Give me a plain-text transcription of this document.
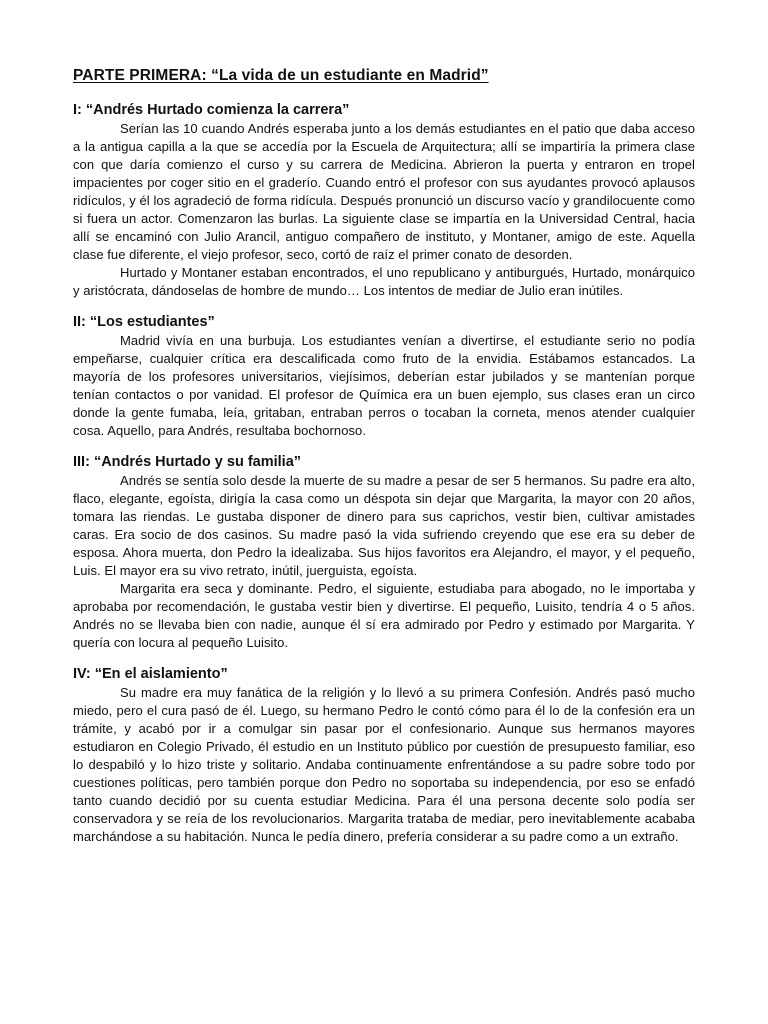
PARTE PRIMERA: “La vida de un estudiante en Madrid”
I: “Andrés Hurtado comienza la carrera”

Serían las 10 cuando Andrés esperaba junto a los demás estudiantes en el patio que daba acceso a la antigua capilla a la que se accedía por la Escuela de Arquitectura; allí se impartiría la primera clase con que daría comienzo el curso y su carrera de Medicina. Abrieron la puerta y entraron en tropel impacientes por coger sitio en el graderío. Cuando entró el profesor con sus ayudantes provocó aplausos ridículos, y él los agradeció de forma ridícula. Después pronunció un discurso vacío y grandilocuente como si fuera un actor. Comenzaron las burlas. La siguiente clase se impartía en la Universidad Central, hacia allí se encaminó con Julio Arancil, antiguo compañero de instituto, y Montaner, amigo de este. Aquella clase fue diferente, el viejo profesor, seco, cortó de raíz el primer conato de desorden.

Hurtado y Montaner estaban encontrados, el uno republicano y antiburgués, Hurtado, monárquico y aristócrata, dándoselas de hombre de mundo… Los intentos de mediar de Julio eran inútiles.

II: “Los estudiantes”

Madrid vivía en una burbuja. Los estudiantes venían a divertirse, el estudiante serio no podía empeñarse, cualquier crítica era descalificada como fruto de la envidia. Estábamos estancados. La mayoría de los profesores universitarios, viejísimos, deberían estar jubilados y se mantenían porque tenían contactos o por vanidad. El profesor de Química era un buen ejemplo, sus clases eran un circo donde la gente fumaba, leía, gritaban, entraban perros o tocaban la corneta, menos atender cualquier cosa. Aquello, para Andrés, resultaba bochornoso.

III: “Andrés Hurtado y su familia”

Andrés se sentía solo desde la muerte de su madre a pesar de ser 5 hermanos. Su padre era alto, flaco, elegante, egoísta, dirigía la casa como un déspota sin dejar que Margarita, la mayor con 20 años, tomara las riendas. Le gustaba disponer de dinero para sus caprichos, vestir bien, cultivar amistades caras. Era socio de dos casinos. Su madre pasó la vida sufriendo creyendo que ese era su deber de esposa. Ahora muerta, don Pedro la idealizaba. Sus hijos favoritos era Alejandro, el mayor, y el pequeño, Luis. El mayor era su vivo retrato, inútil, juerguista, egoísta.

Margarita era seca y dominante. Pedro, el siguiente, estudiaba para abogado, no le importaba y aprobaba por recomendación, le gustaba vestir bien y divertirse. El pequeño, Luisito, tendría 4 o 5 años. Andrés no se llevaba bien con nadie, aunque él sí era admirado por Pedro y estimado por Margarita. Y quería con locura al pequeño Luisito.

IV: “En el aislamiento”

Su madre era muy fanática de la religión y lo llevó a su primera Confesión. Andrés pasó mucho miedo, pero el cura pasó de él. Luego, su hermano Pedro le contó cómo para él lo de la confesión era un trámite, y acabó por ir a comulgar sin pasar por el confesionario. Aunque sus hermanos mayores estudiaron en Colegio Privado, él estudio en un Instituto público por cuestión de presupuesto familiar, eso lo despabiló y lo hizo triste y solitario. Andaba continuamente enfrentándose a su padre sobre todo por cuestiones políticas, pero también porque don Pedro no soportaba su independencia, por eso se enfadó tanto cuando decidió por su cuenta estudiar Medicina. Para él una persona decente solo podía ser conservadora y se reía de los revolucionarios. Margarita trataba de mediar, pero inevitablemente acababa marchándose a su habitación. Nunca le pedía dinero, prefería considerar a su padre como a un extraño.
